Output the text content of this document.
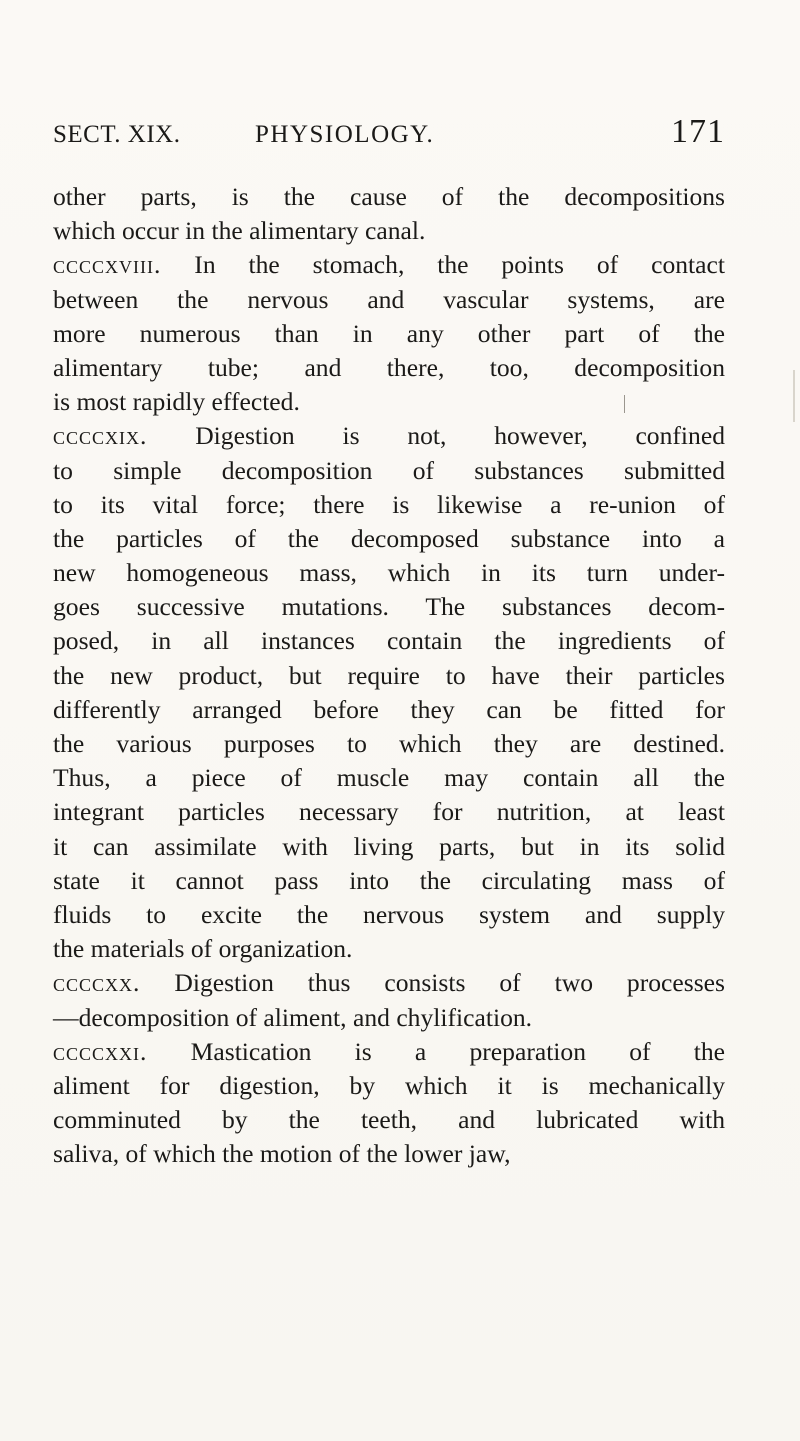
SECT. XIX.	PHYSIOLOGY.	171
other parts, is the cause of the decompositions
which occur in the alimentary canal.
ccccxviii. In the stomach, the points of contact
between the nervous and vascular systems, are
more numerous than in any other part of the
alimentary tube; and there, too, decomposition
is most rapidly effected.
ccccxix. Digestion is not, however, confined
to simple decomposition of substances submitted
to its vital force; there is likewise a re-union of
the particles of the decomposed substance into a
new homogeneous mass, which in its turn under-
goes successive mutations. The substances decom-
posed, in all instances contain the ingredients of
the new product, but require to have their particles
differently arranged before they can be fitted for
the various purposes to which they are destined.
Thus, a piece of muscle may contain all the
integrant particles necessary for nutrition, at least
it can assimilate with living parts, but in its solid
state it cannot pass into the circulating mass of
fluids to excite the nervous system and supply
the materials of organization.
ccccxx. Digestion thus consists of two processes
—decomposition of aliment, and chylification.
ccccxxi. Mastication is a preparation of the
aliment for digestion, by which it is mechanically
comminuted by the teeth, and lubricated with
saliva, of which the motion of the lower jaw,
